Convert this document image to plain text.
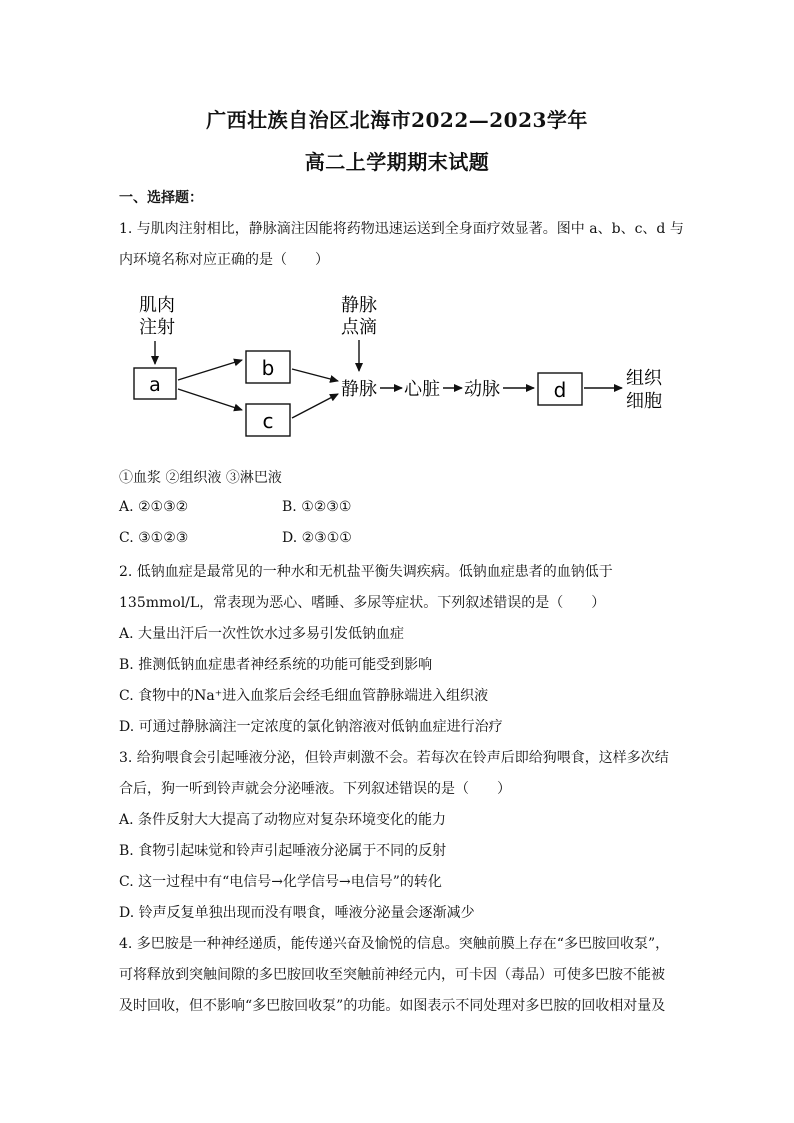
广西壮族自治区北海市2022—2023学年
高二上学期期末试题
一、选择题：
1. 与肌肉注射相比，静脉滴注因能将药物迅速运送到全身面疗效显著。图中 a、b、c、d 与
内环境名称对应正确的是（　　）
肌肉
注射
a
b
c
静脉
点滴
静脉 心脏 动脉	d	组织
细胞
①血浆 ②组织液 ③淋巴液
A. ②①③②	B. ①②③①
C. ③①②③	D. ②③①①
2. 低钠血症是最常见的一种水和无机盐平衡失调疾病。低钠血症患者的血钠低于
135mmol/L，常表现为恶心、嗜睡、多尿等症状。下列叙述错误的是（　　）
A. 大量出汗后一次性饮水过多易引发低钠血症
B. 推测低钠血症患者神经系统的功能可能受到影响
C. 食物中的Na⁺进入血浆后会经毛细血管静脉端进入组织液
D. 可通过静脉滴注一定浓度的氯化钠溶液对低钠血症进行治疗
3. 给狗喂食会引起唾液分泌，但铃声刺激不会。若每次在铃声后即给狗喂食，这样多次结
合后，狗一听到铃声就会分泌唾液。下列叙述错误的是（　　）
A. 条件反射大大提高了动物应对复杂环境变化的能力
B. 食物引起味觉和铃声引起唾液分泌属于不同的反射
C. 这一过程中有“电信号→化学信号→电信号”的转化
D. 铃声反复单独出现而没有喂食，唾液分泌量会逐渐减少
4. 多巴胺是一种神经递质，能传递兴奋及愉悦的信息。突触前膜上存在“多巴胺回收泵”，
可将释放到突触间隙的多巴胺回收至突触前神经元内，可卡因（毒品）可使多巴胺不能被
及时回收，但不影响“多巴胺回收泵”的功能。如图表示不同处理对多巴胺的回收相对量及
